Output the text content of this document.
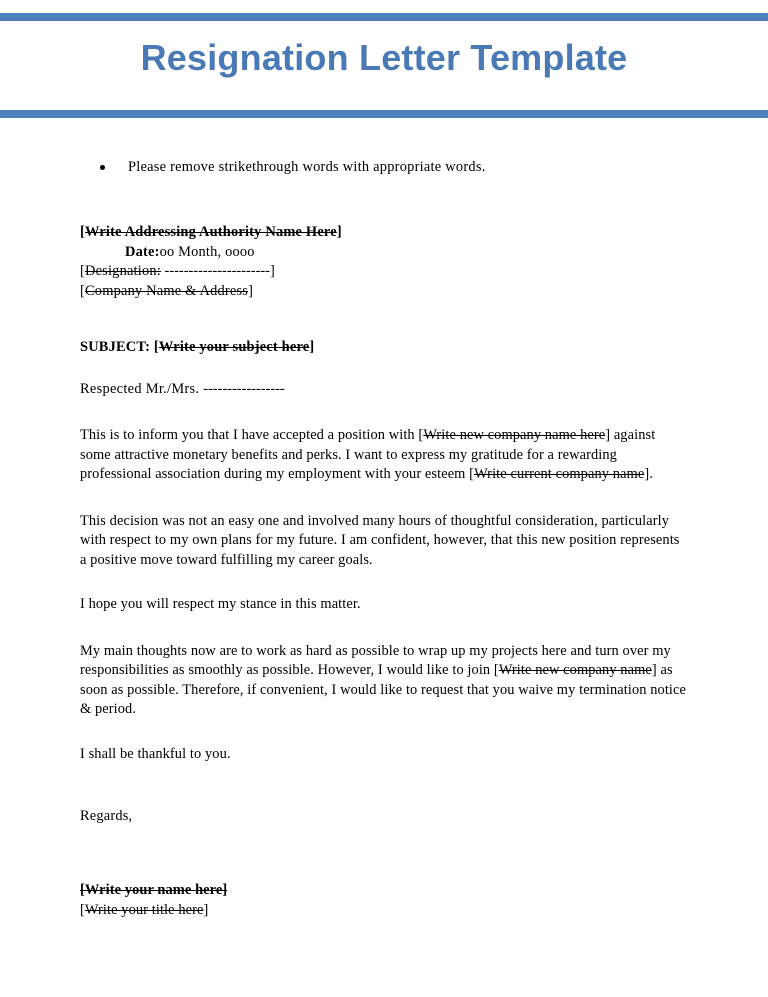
Resignation Letter Template
Please remove strikethrough words with appropriate words.
[Write Addressing Authority Name Here]
Date:oo Month, oooo
[Designation: ----------------------]
[Company Name & Address]
SUBJECT: [Write your subject here]
Respected Mr./Mrs. -----------------
This is to inform you that I have accepted a position with [Write new company name here] against some attractive monetary benefits and perks. I want to express my gratitude for a rewarding professional association during my employment with your esteem [Write current company name].
This decision was not an easy one and involved many hours of thoughtful consideration, particularly with respect to my own plans for my future. I am confident, however, that this new position represents a positive move toward fulfilling my career goals.
I hope you will respect my stance in this matter.
My main thoughts now are to work as hard as possible to wrap up my projects here and turn over my responsibilities as smoothly as possible. However, I would like to join [Write new company name] as soon as possible. Therefore, if convenient, I would like to request that you waive my termination notice & period.
I shall be thankful to you.
Regards,
[Write your name here]
[Write your title here]
